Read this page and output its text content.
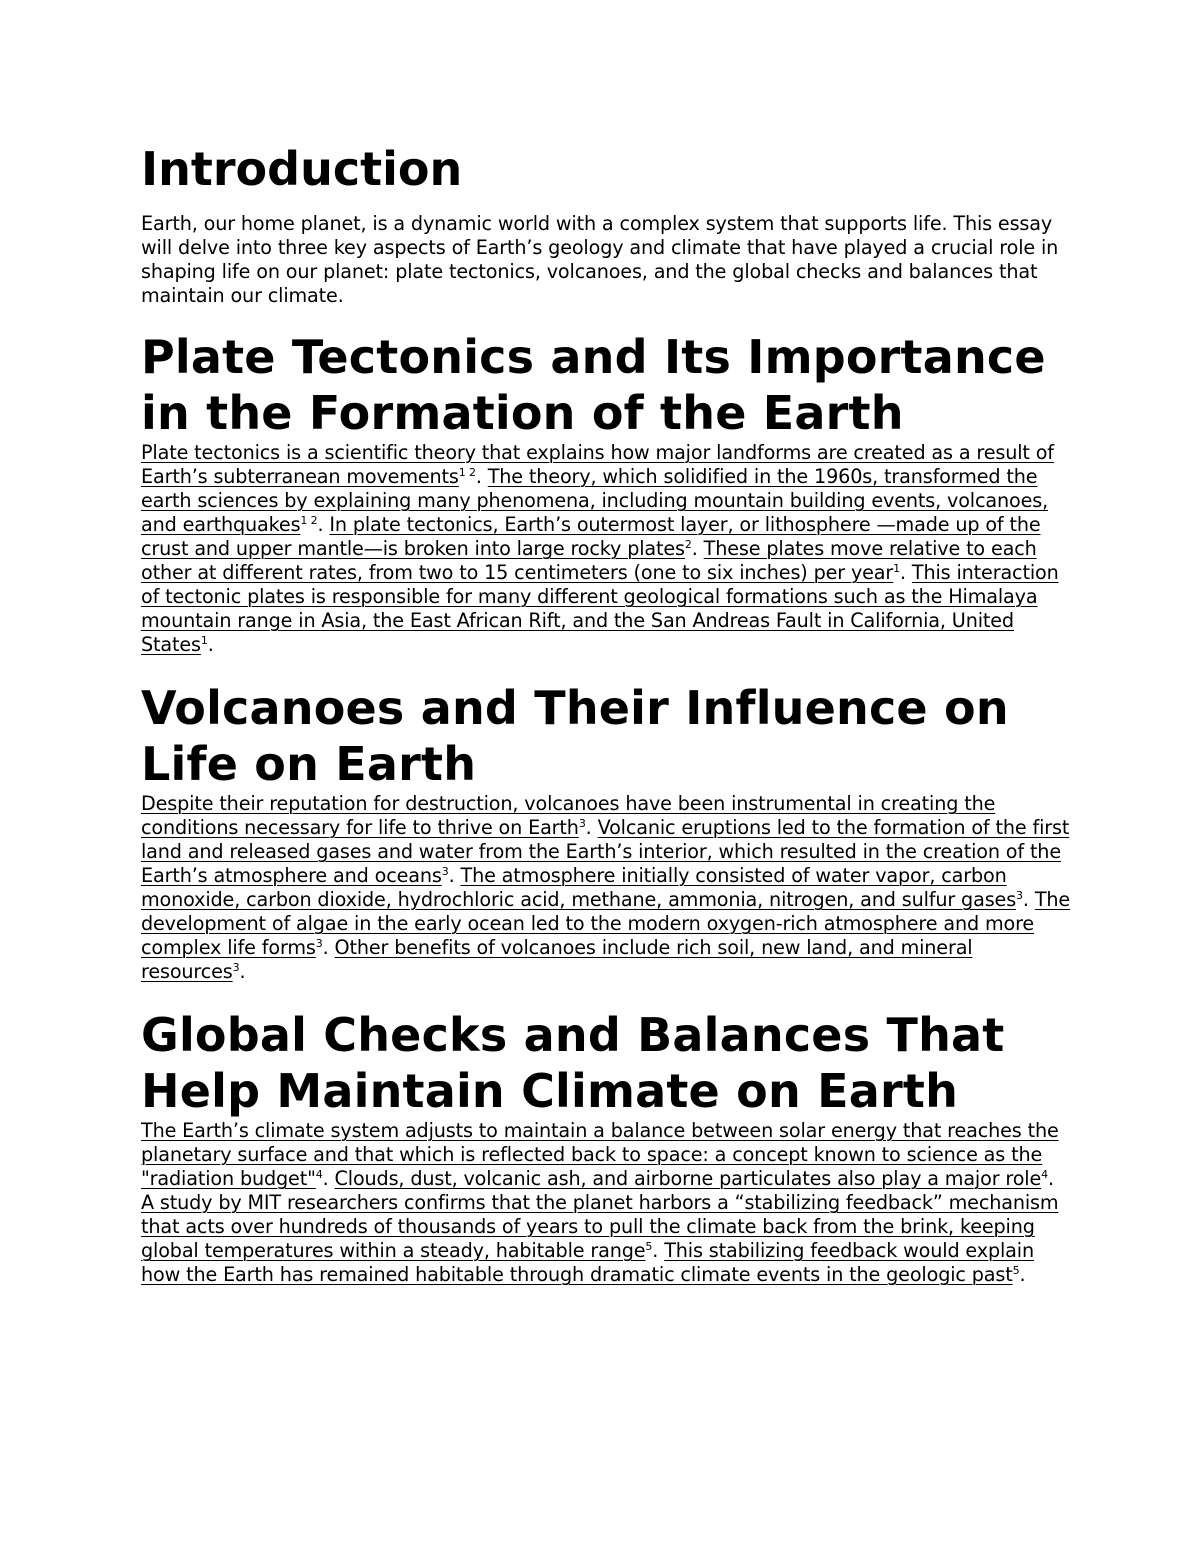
Introduction

Earth, our home planet, is a dynamic world with a complex system that supports life. This essay will delve into three key aspects of Earth’s geology and climate that have played a crucial role in shaping life on our planet: plate tectonics, volcanoes, and the global checks and balances that maintain our climate.

Plate Tectonics and Its Importance in the Formation of the Earth

Plate tectonics is a scientific theory that explains how major landforms are created as a result of Earth’s subterranean movements$^{1 2}$. The theory, which solidified in the 1960s, transformed the earth sciences by explaining many phenomena, including mountain building events, volcanoes, and earthquakes$^{1 2}$. In plate tectonics, Earth’s outermost layer, or lithosphere —made up of the crust and upper mantle—is broken into large rocky plates$^2$. These plates move relative to each other at different rates, from two to 15 centimeters (one to six inches) per year$^1$. This interaction of tectonic plates is responsible for many different geological formations such as the Himalaya mountain range in Asia, the East African Rift, and the San Andreas Fault in California, United States$^1$.

Volcanoes and Their Influence on Life on Earth

Despite their reputation for destruction, volcanoes have been instrumental in creating the conditions necessary for life to thrive on Earth$^3$. Volcanic eruptions led to the formation of the first land and released gases and water from the Earth’s interior, which resulted in the creation of the Earth’s atmosphere and oceans$^3$. The atmosphere initially consisted of water vapor, carbon monoxide, carbon dioxide, hydrochloric acid, methane, ammonia, nitrogen, and sulfur gases$^3$. The development of algae in the early ocean led to the modern oxygen-rich atmosphere and more complex life forms$^3$. Other benefits of volcanoes include rich soil, new land, and mineral resources$^3$.

Global Checks and Balances That Help Maintain Climate on Earth

The Earth’s climate system adjusts to maintain a balance between solar energy that reaches the planetary surface and that which is reflected back to space: a concept known to science as the "radiation budget"$^4$. Clouds, dust, volcanic ash, and airborne particulates also play a major role$^4$. A study by MIT researchers confirms that the planet harbors a “stabilizing feedback” mechanism that acts over hundreds of thousands of years to pull the climate back from the brink, keeping global temperatures within a steady, habitable range$^5$. This stabilizing feedback would explain how the Earth has remained habitable through dramatic climate events in the geologic past$^5$.
